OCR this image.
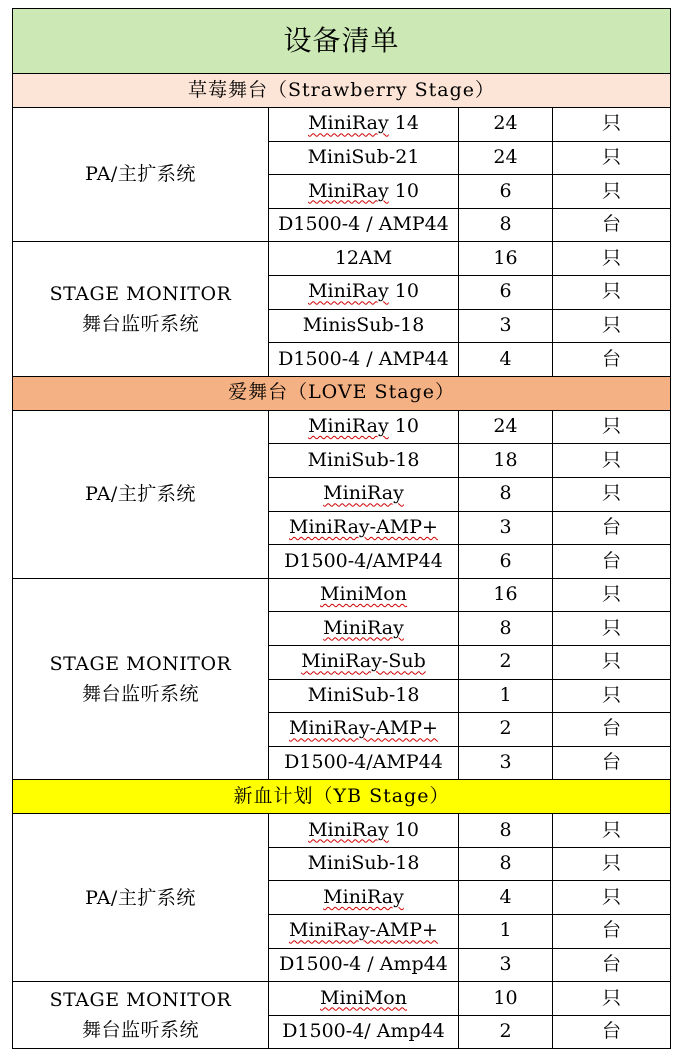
设备清单			
草莓舞台（Strawberry Stage）			

PA/主扩系统	MiniRay 14	24	只
	MiniSub-21	24	只
	MiniRay 10	6	只
	D1500-4 / AMP44	8	台

STAGE MONITOR
舞台监听系统	12AM	16	只
	MiniRay 10	6	只
	MinisSub-18	3	只
	D1500-4 / AMP44	4	台
爱舞台（LOVE Stage）			

PA/主扩系统	MiniRay 10	24	只
	MiniSub-18	18	只
	MiniRay	8	只
	MiniRay-AMP+	3	台
	D1500-4/AMP44	6	台

STAGE MONITOR
舞台监听系统	MiniMon	16	只
	MiniRay	8	只
	MiniRay-Sub	2	只
	MiniSub-18	1	只
	MiniRay-AMP+	2	台
	D1500-4/AMP44	3	台
新血计划（YB Stage）			

PA/主扩系统	MiniRay 10	8	只
	MiniSub-18	8	只
	MiniRay	4	只
	MiniRay-AMP+	1	台
	D1500-4 / Amp44	3	台

STAGE MONITOR
舞台监听系统	MiniMon	10	只
	D1500-4/ Amp44	2	台
